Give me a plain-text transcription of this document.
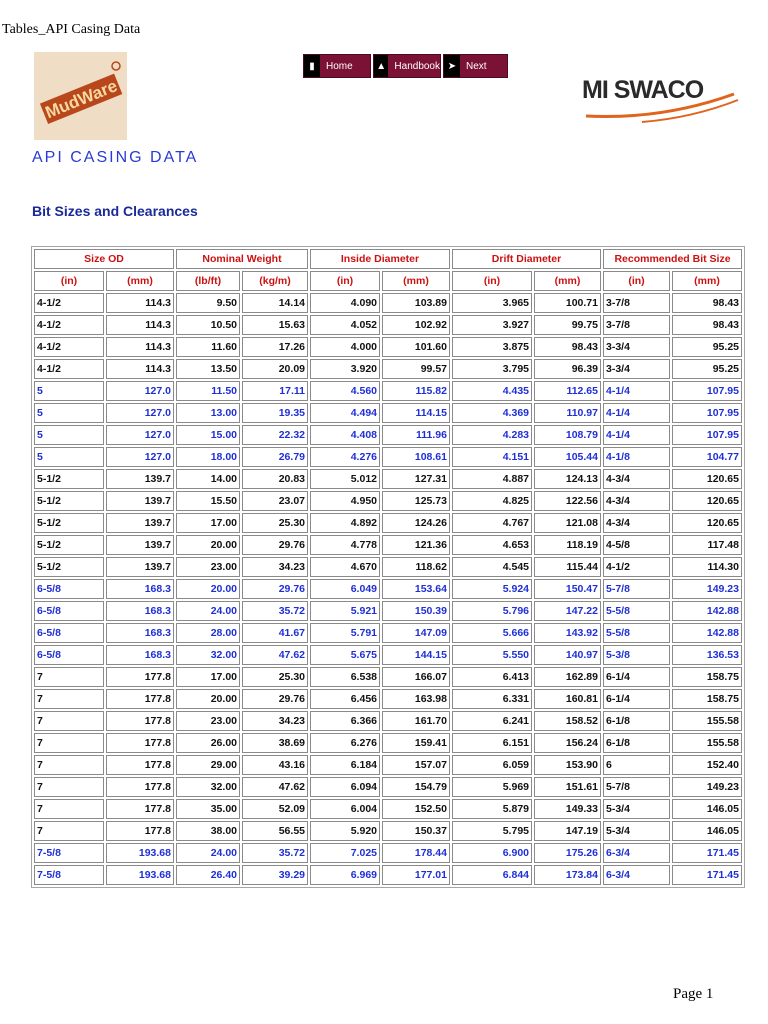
Tables_API Casing Data
MudWare
▮	Home ▲ Handbook ➤ Next
MI SWACO
API CASING DATA
Bit Sizes and Clearances
Size OD		Nominal Weight		Inside Diameter		Drift Diameter		Recommended Bit Size	
(in)	(mm)	(lb/ft)	(kg/m)	(in)	(mm)	(in)	(mm)	(in)	(mm)
4-1/2	114.3	9.50	14.14	4.090	103.89	3.965	100.71	3-7/8	98.43
4-1/2	114.3	10.50	15.63	4.052	102.92	3.927	99.75	3-7/8	98.43
4-1/2	114.3	11.60	17.26	4.000	101.60	3.875	98.43	3-3/4	95.25
4-1/2	114.3	13.50	20.09	3.920	99.57	3.795	96.39	3-3/4	95.25
5	127.0	11.50	17.11	4.560	115.82	4.435	112.65	4-1/4	107.95
5	127.0	13.00	19.35	4.494	114.15	4.369	110.97	4-1/4	107.95
5	127.0	15.00	22.32	4.408	111.96	4.283	108.79	4-1/4	107.95
5	127.0	18.00	26.79	4.276	108.61	4.151	105.44	4-1/8	104.77
5-1/2	139.7	14.00	20.83	5.012	127.31	4.887	124.13	4-3/4	120.65
5-1/2	139.7	15.50	23.07	4.950	125.73	4.825	122.56	4-3/4	120.65
5-1/2	139.7	17.00	25.30	4.892	124.26	4.767	121.08	4-3/4	120.65
5-1/2	139.7	20.00	29.76	4.778	121.36	4.653	118.19	4-5/8	117.48
5-1/2	139.7	23.00	34.23	4.670	118.62	4.545	115.44	4-1/2	114.30
6-5/8	168.3	20.00	29.76	6.049	153.64	5.924	150.47	5-7/8	149.23
6-5/8	168.3	24.00	35.72	5.921	150.39	5.796	147.22	5-5/8	142.88
6-5/8	168.3	28.00	41.67	5.791	147.09	5.666	143.92	5-5/8	142.88
6-5/8	168.3	32.00	47.62	5.675	144.15	5.550	140.97	5-3/8	136.53
7	177.8	17.00	25.30	6.538	166.07	6.413	162.89	6-1/4	158.75
7	177.8	20.00	29.76	6.456	163.98	6.331	160.81	6-1/4	158.75
7	177.8	23.00	34.23	6.366	161.70	6.241	158.52	6-1/8	155.58
7	177.8	26.00	38.69	6.276	159.41	6.151	156.24	6-1/8	155.58
7	177.8	29.00	43.16	6.184	157.07	6.059	153.90	6	152.40
7	177.8	32.00	47.62	6.094	154.79	5.969	151.61	5-7/8	149.23
7	177.8	35.00	52.09	6.004	152.50	5.879	149.33	5-3/4	146.05
7	177.8	38.00	56.55	5.920	150.37	5.795	147.19	5-3/4	146.05
7-5/8	193.68	24.00	35.72	7.025	178.44	6.900	175.26	6-3/4	171.45
7-5/8	193.68	26.40	39.29	6.969	177.01	6.844	173.84	6-3/4	171.45
Page 1
